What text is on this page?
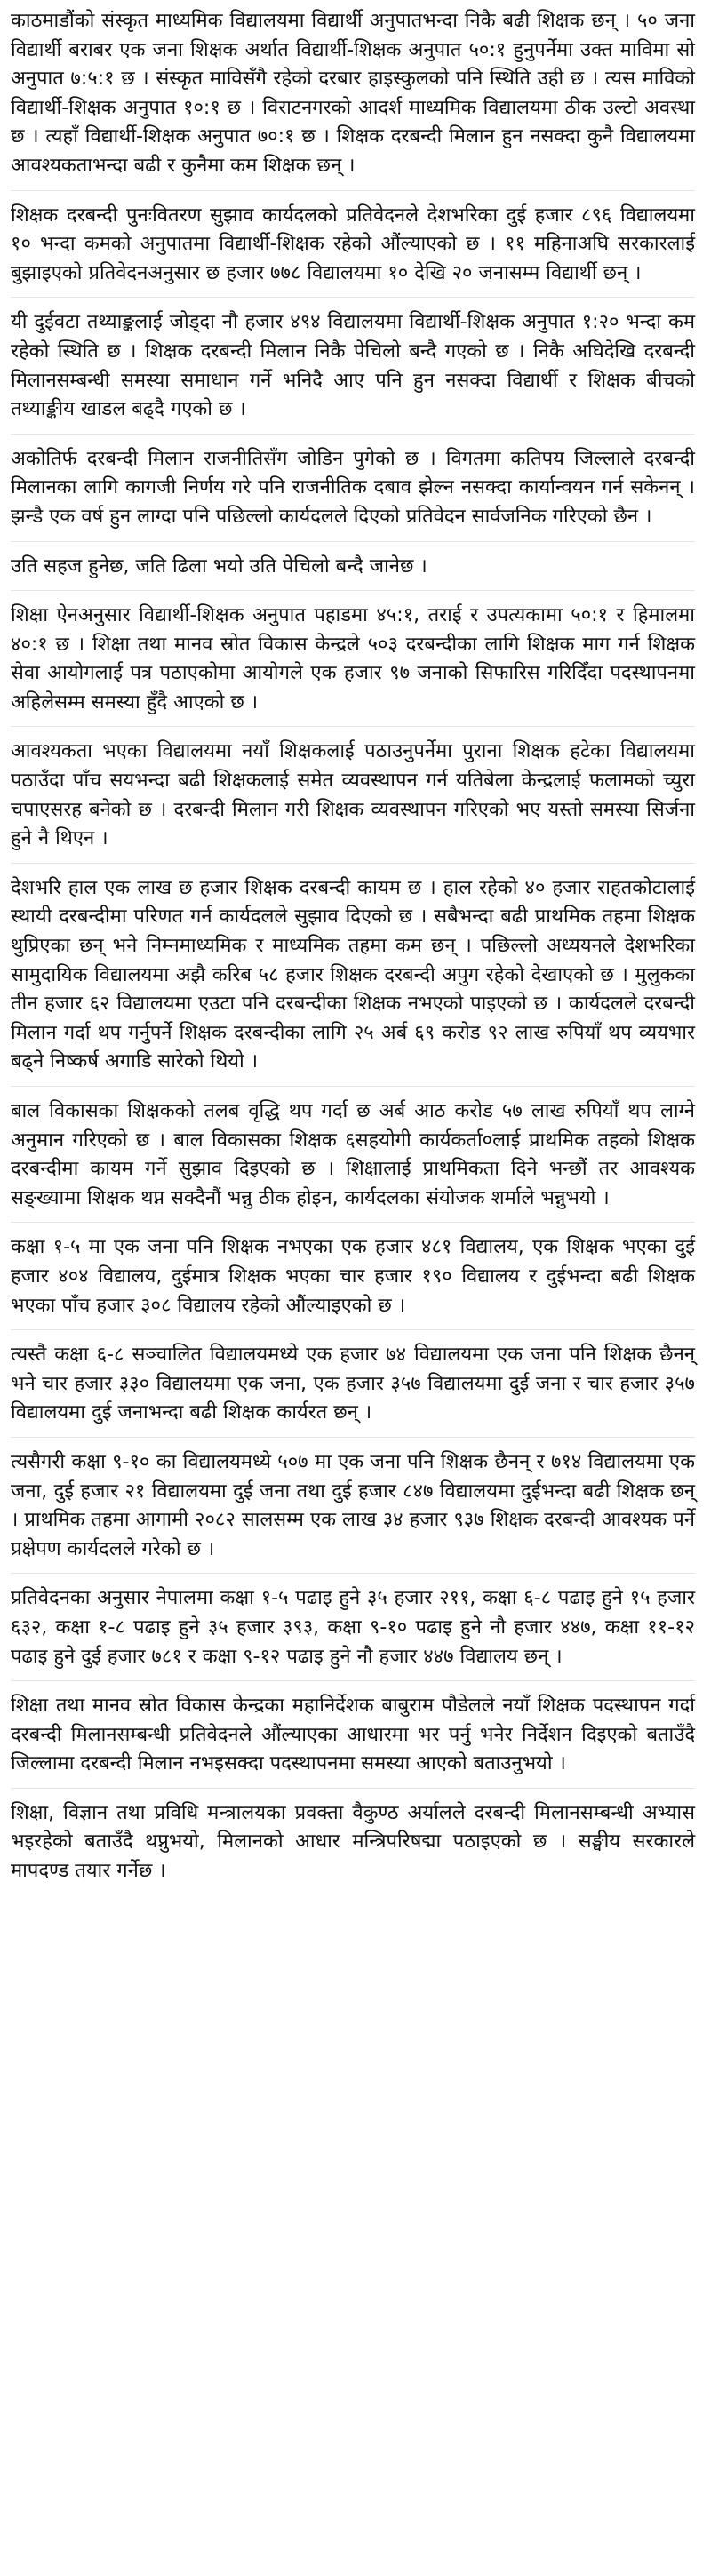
काठमाडौंको संस्कृत माध्यमिक विद्यालयमा विद्यार्थी अनुपातभन्दा निकै बढी शिक्षक छन् । ५० जना विद्यार्थी बराबर एक जना शिक्षक अर्थात विद्यार्थी-शिक्षक अनुपात ५०:१ हुनुपर्नेमा उक्त माविमा सो अनुपात ७:५:१ छ । संस्कृत माविसँगै रहेको दरबार हाइस्कुलको पनि स्थिति उही छ । त्यस माविको विद्यार्थी-शिक्षक अनुपात १०:१ छ । विराटनगरको आदर्श माध्यमिक विद्यालयमा ठीक उल्टो अवस्था छ । त्यहाँ विद्यार्थी-शिक्षक अनुपात ७०:१ छ । शिक्षक दरबन्दी मिलान हुन नसक्दा कुनै विद्यालयमा आवश्यकताभन्दा बढी र कुनैमा कम शिक्षक छन् ।

शिक्षक दरबन्दी पुनःवितरण सुझाव कार्यदलको प्रतिवेदनले देशभरिका दुई हजार ८९६ विद्यालयमा १० भन्दा कमको अनुपातमा विद्यार्थी-शिक्षक रहेको औंल्याएको छ । ११ महिनाअघि सरकारलाई बुझाइएको प्रतिवेदनअनुसार छ हजार ७७८ विद्यालयमा १० देखि २० जनासम्म विद्यार्थी छन् ।

यी दुईवटा तथ्याङ्कलाई जोड्दा नौ हजार ४९४ विद्यालयमा विद्यार्थी-शिक्षक अनुपात १:२० भन्दा कम रहेको स्थिति छ । शिक्षक दरबन्दी मिलान निकै पेचिलो बन्दै गएको छ । निकै अघिदेखि दरबन्दी मिलानसम्बन्धी समस्या समाधान गर्ने भनिदै आए पनि हुन नसक्दा विद्यार्थी र शिक्षक बीचको तथ्याङ्कीय खाडल बढ्दै गएको छ ।

अकोतिर्फ दरबन्दी मिलान राजनीतिसँग जोडिन पुगेको छ । विगतमा कतिपय जिल्लाले दरबन्दी मिलानका लागि कागजी निर्णय गरे पनि राजनीतिक दबाव झेल्न नसक्दा कार्यान्वयन गर्न सकेनन् । झन्डै एक वर्ष हुन लाग्दा पनि पछिल्लो कार्यदलले दिएको प्रतिवेदन सार्वजनिक गरिएको छैन ।

उति सहज हुनेछ, जति ढिला भयो उति पेचिलो बन्दै जानेछ ।

शिक्षा ऐनअनुसार विद्यार्थी-शिक्षक अनुपात पहाडमा ४५:१, तराई र उपत्यकामा ५०:१ र हिमालमा ४०:१ छ । शिक्षा तथा मानव स्रोत विकास केन्द्रले ५०३ दरबन्दीका लागि शिक्षक माग गर्न शिक्षक सेवा आयोगलाई पत्र पठाएकोमा आयोगले एक हजार ९७ जनाको सिफारिस गरिदिँदा पदस्थापनमा अहिलेसम्म समस्या हुँदै आएको छ ।

आवश्यकता भएका विद्यालयमा नयाँ शिक्षकलाई पठाउनुपर्नेमा पुराना शिक्षक हटेका विद्यालयमा पठाउँदा पाँच सयभन्दा बढी शिक्षकलाई समेत व्यवस्थापन गर्न यतिबेला केन्द्रलाई फलामको च्युरा चपाएसरह बनेको छ । दरबन्दी मिलान गरी शिक्षक व्यवस्थापन गरिएको भए यस्तो समस्या सिर्जना हुने नै थिएन ।

देशभरि हाल एक लाख छ हजार शिक्षक दरबन्दी कायम छ । हाल रहेको ४० हजार राहतकोटालाई स्थायी दरबन्दीमा परिणत गर्न कार्यदलले सुझाव दिएको छ । सबैभन्दा बढी प्राथमिक तहमा शिक्षक थुप्रिएका छन् भने निम्नमाध्यमिक र माध्यमिक तहमा कम छन् । पछिल्लो अध्ययनले देशभरिका सामुदायिक विद्यालयमा अझै करिब ५८ हजार शिक्षक दरबन्दी अपुग रहेको देखाएको छ । मुलुकका तीन हजार ६२ विद्यालयमा एउटा पनि दरबन्दीका शिक्षक नभएको पाइएको छ । कार्यदलले दरबन्दी मिलान गर्दा थप गर्नुपर्ने शिक्षक दरबन्दीका लागि २५ अर्ब ६९ करोड ९२ लाख रुपियाँ थप व्ययभार बढ्ने निष्कर्ष अगाडि सारेको थियो ।

बाल विकासका शिक्षकको तलब वृद्धि थप गर्दा छ अर्ब आठ करोड ५७ लाख रुपियाँ थप लाग्ने अनुमान गरिएको छ । बाल विकासका शिक्षक ६सहयोगी कार्यकर्ता०लाई प्राथमिक तहको शिक्षक दरबन्दीमा कायम गर्ने सुझाव दिइएको छ । शिक्षालाई प्राथमिकता दिने भन्छौं तर आवश्यक सङ्ख्यामा शिक्षक थप्न सक्दैनौं भन्नु ठीक होइन, कार्यदलका संयोजक शर्माले भन्नुभयो ।

कक्षा १-५ मा एक जना पनि शिक्षक नभएका एक हजार ४८१ विद्यालय, एक शिक्षक भएका दुई हजार ४०४ विद्यालय, दुईमात्र शिक्षक भएका चार हजार १९० विद्यालय र दुईभन्दा बढी शिक्षक भएका पाँच हजार ३०८ विद्यालय रहेको औंल्याइएको छ ।

त्यस्तै कक्षा ६-८ सञ्चालित विद्यालयमध्ये एक हजार ७४ विद्यालयमा एक जना पनि शिक्षक छैनन् भने चार हजार ३३० विद्यालयमा एक जना, एक हजार ३५७ विद्यालयमा दुई जना र चार हजार ३५७ विद्यालयमा दुई जनाभन्दा बढी शिक्षक कार्यरत छन् ।

त्यसैगरी कक्षा ९-१० का विद्यालयमध्ये ५०७ मा एक जना पनि शिक्षक छैनन् र ७१४ विद्यालयमा एक जना, दुई हजार २१ विद्यालयमा दुई जना तथा दुई हजार ८४७ विद्यालयमा दुईभन्दा बढी शिक्षक छन् । प्राथमिक तहमा आगामी २०८२ सालसम्म एक लाख ३४ हजार ९३७ शिक्षक दरबन्दी आवश्यक पर्ने प्रक्षेपण कार्यदलले गरेको छ ।

प्रतिवेदनका अनुसार नेपालमा कक्षा १-५ पढाइ हुने ३५ हजार २११, कक्षा ६-८ पढाइ हुने १५ हजार ६३२, कक्षा १-८ पढाइ हुने ३५ हजार ३९३, कक्षा ९-१० पढाइ हुने नौ हजार ४४७, कक्षा ११-१२ पढाइ हुने दुई हजार ७८१ र कक्षा ९-१२ पढाइ हुने नौ हजार ४४७ विद्यालय छन् ।

शिक्षा तथा मानव स्रोत विकास केन्द्रका महानिर्देशक बाबुराम पौडेलले नयाँ शिक्षक पदस्थापन गर्दा दरबन्दी मिलानसम्बन्धी प्रतिवेदनले औंल्याएका आधारमा भर पर्नु भनेर निर्देशन दिइएको बताउँदै जिल्लामा दरबन्दी मिलान नभइसक्दा पदस्थापनमा समस्या आएको बताउनुभयो ।

शिक्षा, विज्ञान तथा प्रविधि मन्त्रालयका प्रवक्ता वैकुण्ठ अर्यालले दरबन्दी मिलानसम्बन्धी अभ्यास भइरहेको बताउँदै थप्नुभयो, मिलानको आधार मन्त्रिपरिषद्मा पठाइएको छ । सङ्घीय सरकारले मापदण्ड तयार गर्नेछ ।
